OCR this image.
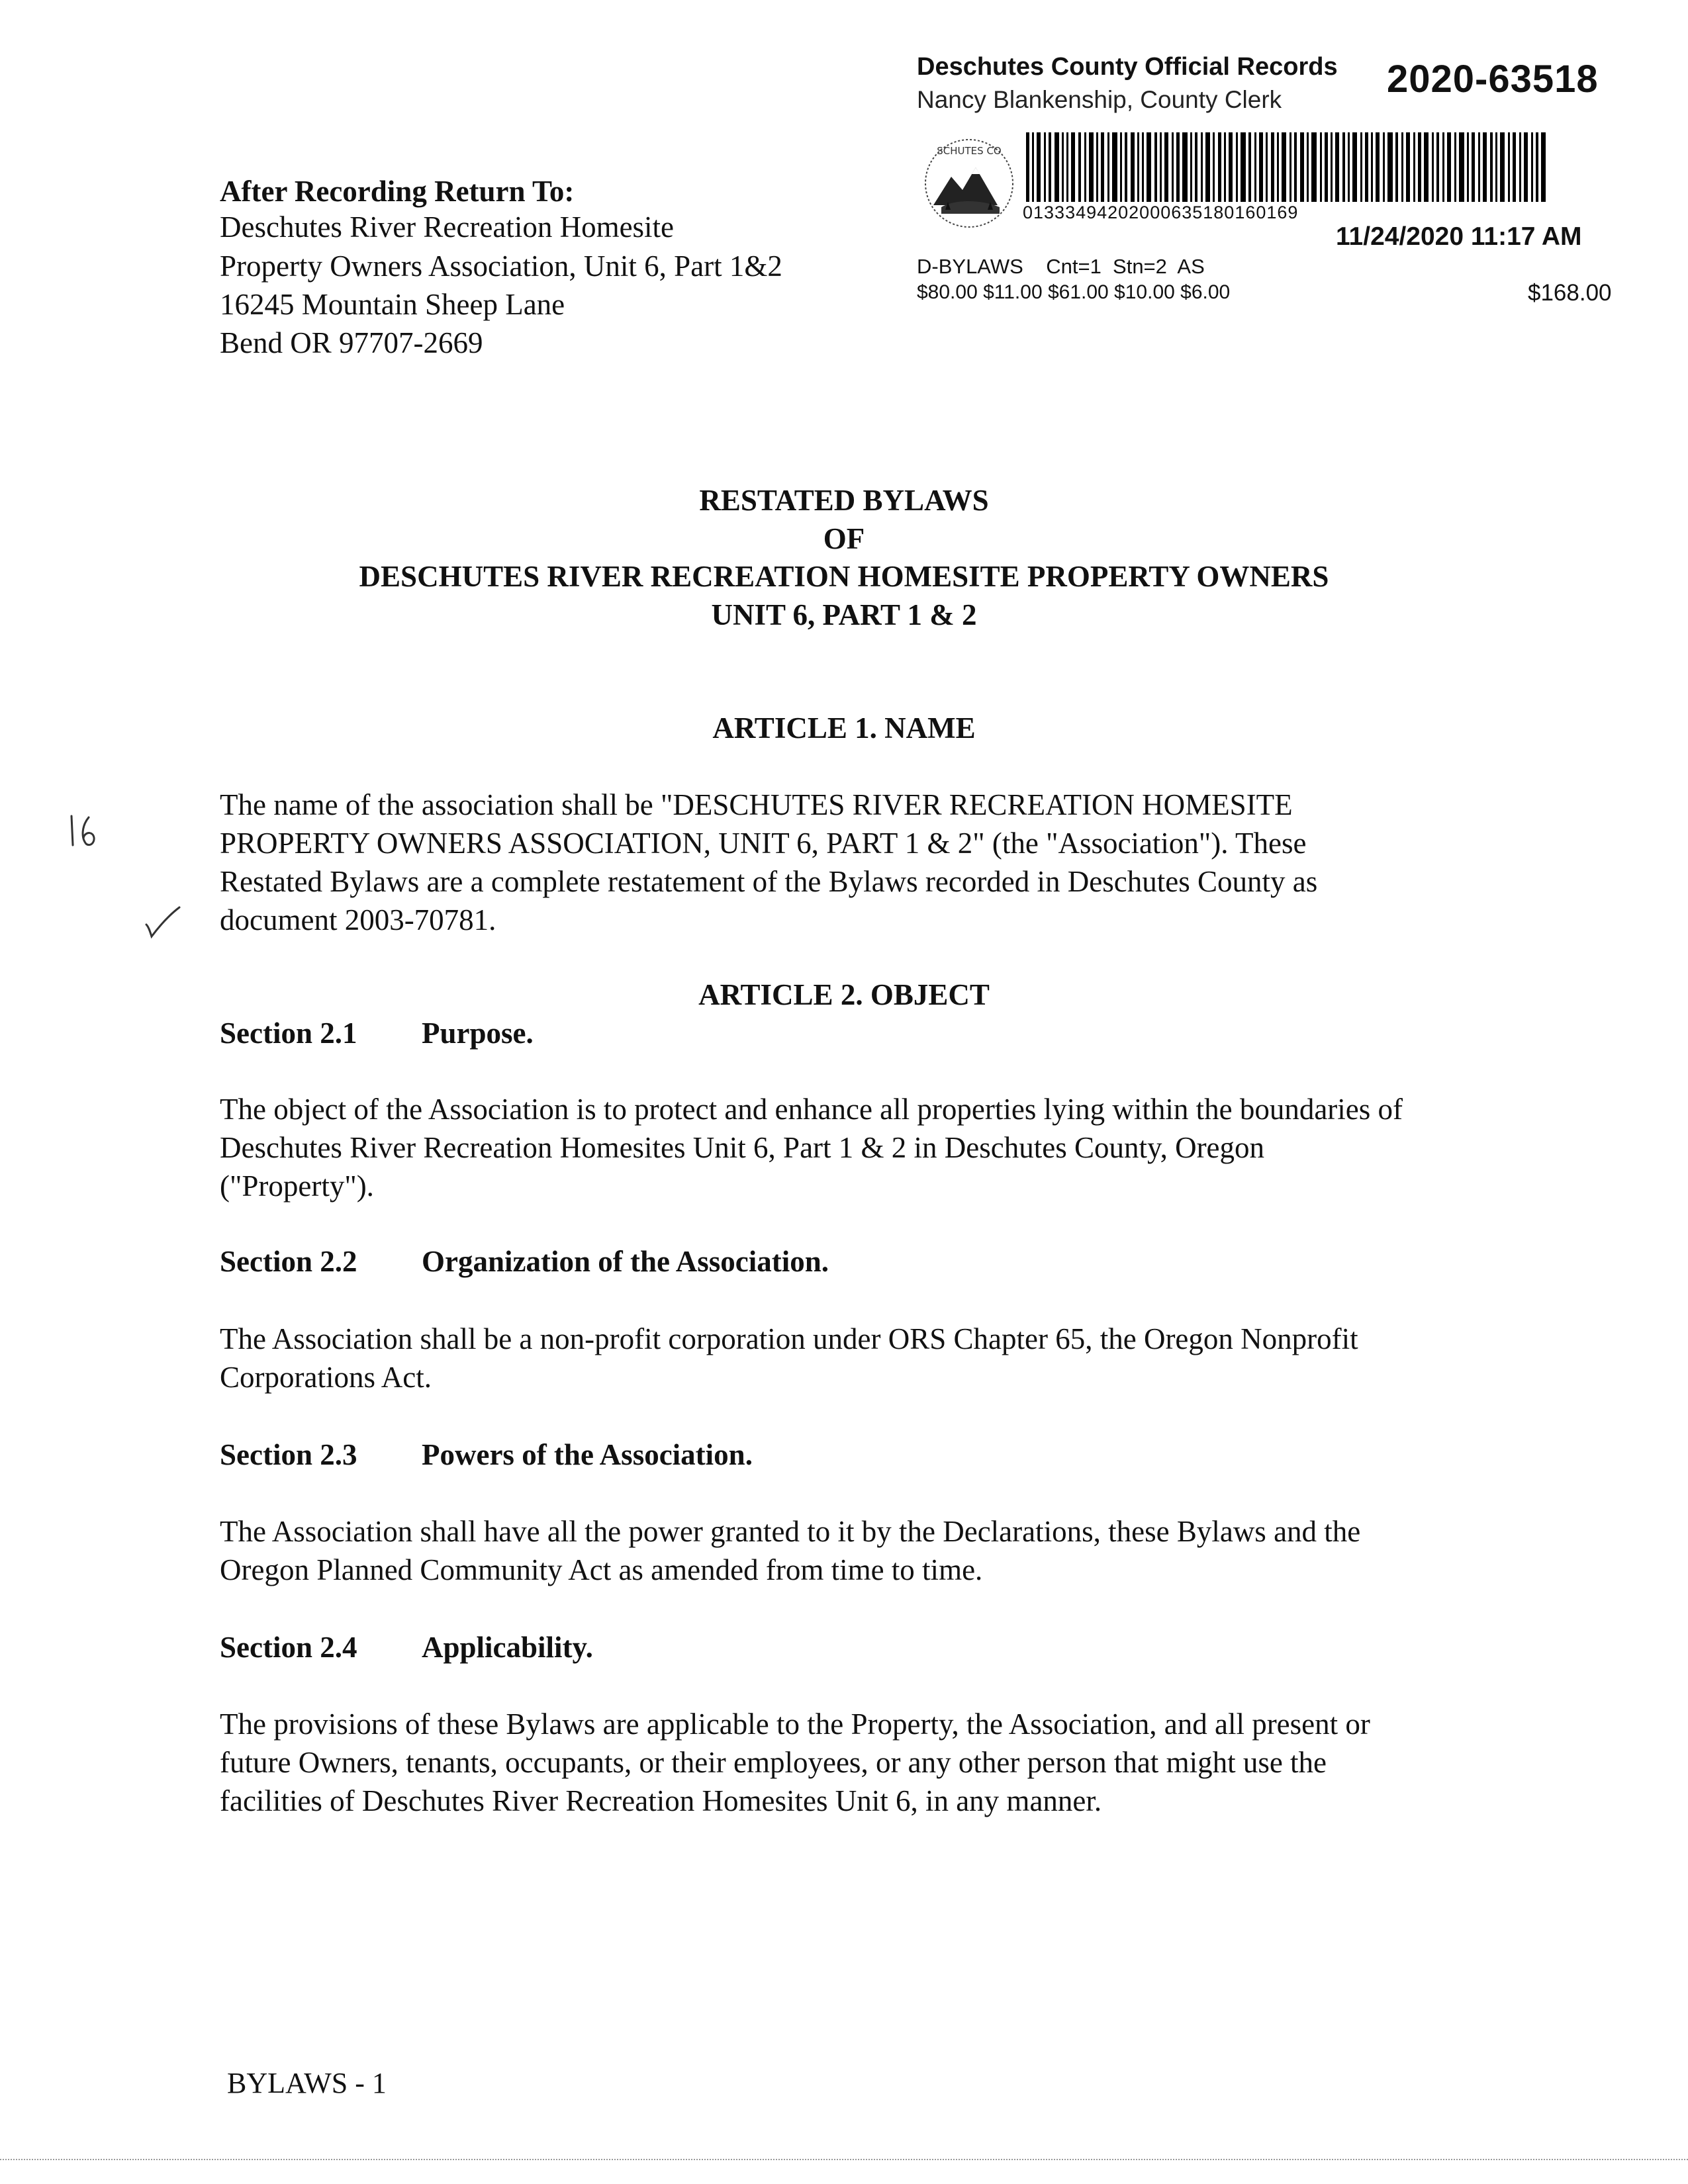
Deschutes County Official Records
Nancy Blankenship, County Clerk	2020-63518
SCHUTES CO
01333494202000635180160169
11/24/2020 11:17 AM
D-BYLAWS    Cnt=1  Stn=2  AS
$80.00 $11.00 $61.00 $10.00 $6.00	$168.00
After Recording Return To:
Deschutes River Recreation Homesite
Property Owners Association, Unit 6, Part 1&2
16245 Mountain Sheep Lane
Bend OR 97707-2669
RESTATED BYLAWS
OF
DESCHUTES RIVER RECREATION HOMESITE PROPERTY OWNERS
UNIT 6, PART 1 & 2
ARTICLE 1. NAME
The name of the association shall be "DESCHUTES RIVER RECREATION HOMESITE
PROPERTY OWNERS ASSOCIATION, UNIT 6, PART 1 & 2" (the "Association"). These
Restated Bylaws are a complete restatement of the Bylaws recorded in Deschutes County as
document 2003-70781.
ARTICLE 2. OBJECT
Section 2.1 Purpose.
The object of the Association is to protect and enhance all properties lying within the boundaries of
Deschutes River Recreation Homesites Unit 6, Part 1 & 2 in Deschutes County, Oregon
("Property").
Section 2.2 Organization of the Association.
The Association shall be a non-profit corporation under ORS Chapter 65, the Oregon Nonprofit
Corporations Act.
Section 2.3 Powers of the Association.
The Association shall have all the power granted to it by the Declarations, these Bylaws and the
Oregon Planned Community Act as amended from time to time.
Section 2.4 Applicability.
The provisions of these Bylaws are applicable to the Property, the Association, and all present or
future Owners, tenants, occupants, or their employees, or any other person that might use the
facilities of Deschutes River Recreation Homesites Unit 6, in any manner.
BYLAWS - 1
